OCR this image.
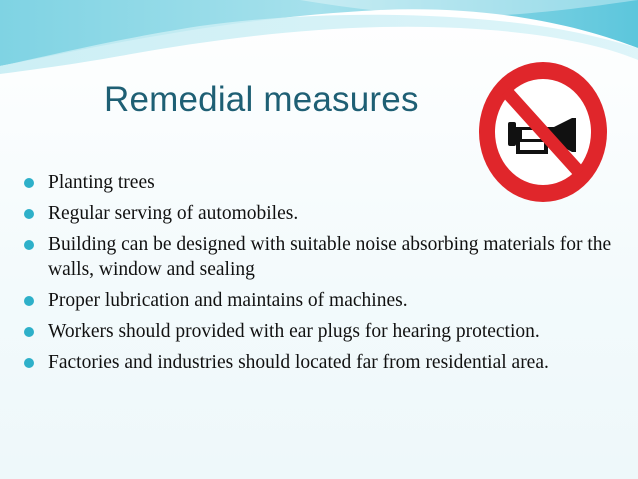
Remedial measures
Planting trees
Regular serving of automobiles.
Building can be designed with suitable noise absorbing materials for the walls, window and sealing
Proper lubrication and maintains of machines.
Workers should provided with ear plugs for hearing protection.
Factories and industries should located far from residential area.
